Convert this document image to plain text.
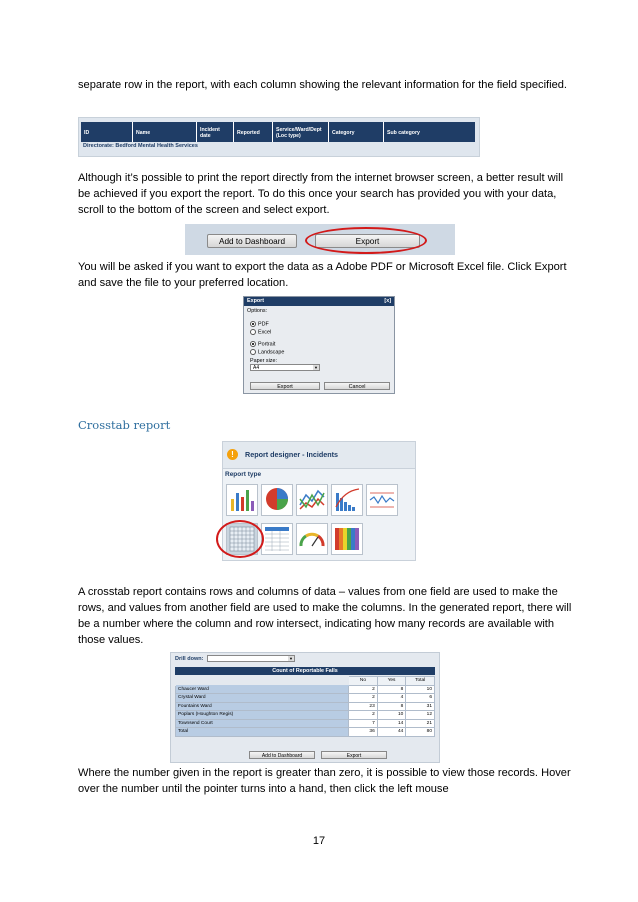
separate row in the report, with each column showing the relevant information for the field specified.
ID	Name	Incident date	Reported	Service/Ward/Dept (Loc type)	Category	Sub category
Directorate: Bedford Mental Health Services
Although it’s possible to print the report directly from the internet browser screen, a better result will be achieved if you export the report. To do this once your search has provided you with your data, scroll to the bottom of the screen and select export.
Add to Dashboard	Export
You will be asked if you want to export the data as a Adobe PDF or Microsoft Excel file. Click Export and save the file to your preferred location.
Export	[x]
Options:
PDF
Excel
Portrait
Landscape
Paper size:
A4	▼
Export	Cancel
Crosstab report
!	Report designer - Incidents
Report type
A crosstab report contains rows and columns of data – values from one field are used to make the rows, and values from another field are used to make the columns. In the generated report, there will be a number where the column and row intersect, indicating how many records are available with those values.
Drill down:	▼
Count of Reportable Falls
	No	Yes	Total
Chaucer Ward	2	8	10
Crystal Ward	2	4	6
Fountains Ward	23	8	31
Poplars (Houghton Regis)	2	10	12
Townsend Court	7	14	21
Total	36	44	80
Add to Dashboard	Export
Where the number given in the report is greater than zero, it is possible to view those records. Hover over the number until the pointer turns into a hand, then click the left mouse
17
